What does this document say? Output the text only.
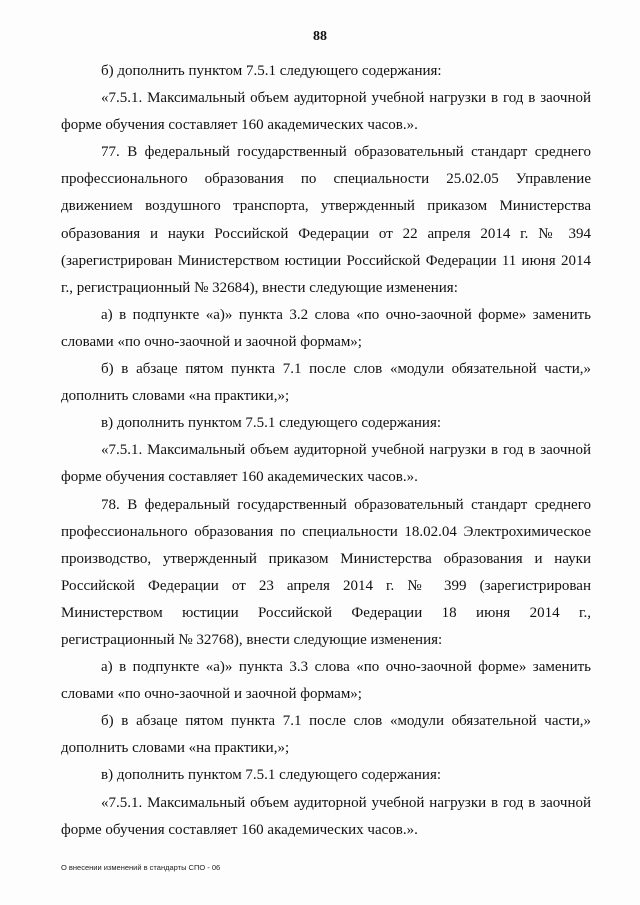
88

б) дополнить пунктом 7.5.1 следующего содержания:

«7.5.1. Максимальный объем аудиторной учебной нагрузки в год в заочной форме обучения составляет 160 академических часов.».

77. В федеральный государственный образовательный стандарт среднего профессионального образования по специальности 25.02.05 Управление движением воздушного транспорта, утвержденный приказом Министерства образования и науки Российской Федерации от 22 апреля 2014 г. № 394 (зарегистрирован Министерством юстиции Российской Федерации 11 июня 2014 г., регистрационный № 32684), внести следующие изменения:

а) в подпункте «а)» пункта 3.2 слова «по очно-заочной форме» заменить словами «по очно-заочной и заочной формам»;

б) в абзаце пятом пункта 7.1 после слов «модули обязательной части,» дополнить словами «на практики,»;

в) дополнить пунктом 7.5.1 следующего содержания:

«7.5.1. Максимальный объем аудиторной учебной нагрузки в год в заочной форме обучения составляет 160 академических часов.».

78. В федеральный государственный образовательный стандарт среднего профессионального образования по специальности 18.02.04 Электрохимическое производство, утвержденный приказом Министерства образования и науки Российской Федерации от 23 апреля 2014 г. № 399 (зарегистрирован Министерством юстиции Российской Федерации 18 июня 2014 г., регистрационный № 32768), внести следующие изменения:

а) в подпункте «а)» пункта 3.3 слова «по очно-заочной форме» заменить словами «по очно-заочной и заочной формам»;

б) в абзаце пятом пункта 7.1 после слов «модули обязательной части,» дополнить словами «на практики,»;

в) дополнить пунктом 7.5.1 следующего содержания:

«7.5.1. Максимальный объем аудиторной учебной нагрузки в год в заочной форме обучения составляет 160 академических часов.».

О внесении изменений в стандарты СПО - 06
